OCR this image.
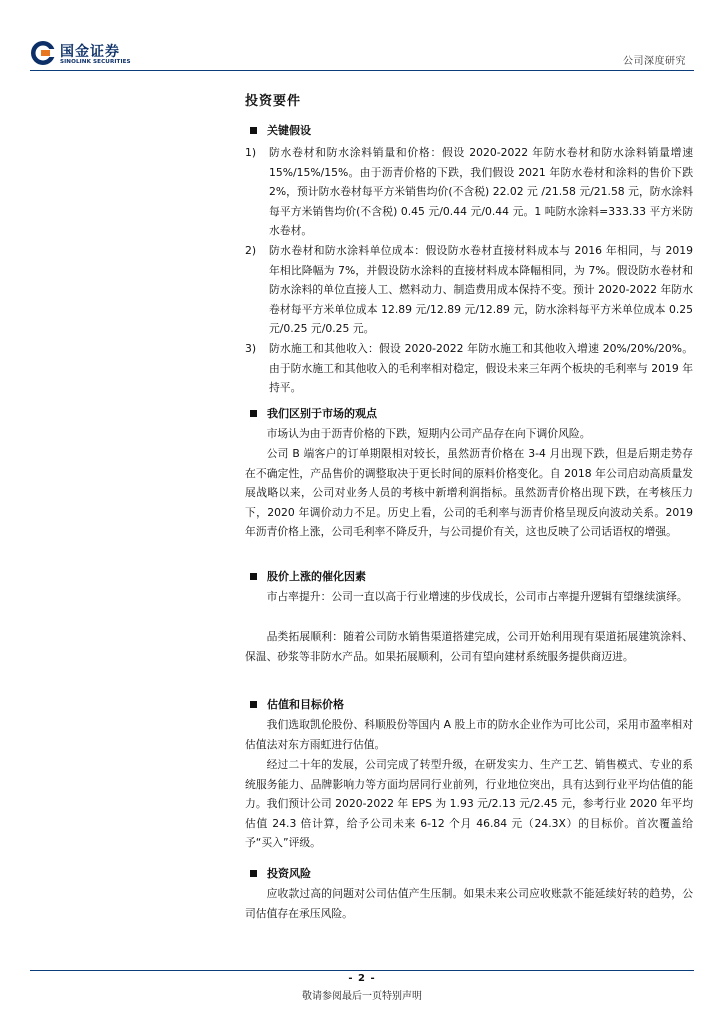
国金证券
SINOLINK SECURITIES	公司深度研究
投资要件
关键假设
1)	防水卷材和防水涂料销量和价格：假设 2020-2022 年防水卷材和防水涂料销量增速 15%/15%/15%。由于沥青价格的下跌，我们假设 2021 年防水卷材和涂料的售价下跌 2%，预计防水卷材每平方米销售均价(不含税) 22.02 元 /21.58 元/21.58 元，防水涂料每平方米销售均价(不含税) 0.45 元/0.44 元/0.44 元。1 吨防水涂料=333.33 平方米防水卷材。
2)	防水卷材和防水涂料单位成本：假设防水卷材直接材料成本与 2016 年相同，与 2019 年相比降幅为 7%，并假设防水涂料的直接材料成本降幅相同，为 7%。假设防水卷材和防水涂料的单位直接人工、燃料动力、制造费用成本保持不变。预计 2020-2022 年防水卷材每平方米单位成本 12.89 元/12.89 元/12.89 元，防水涂料每平方米单位成本 0.25 元/0.25 元/0.25 元。
3)	防水施工和其他收入：假设 2020-2022 年防水施工和其他收入增速 20%/20%/20%。由于防水施工和其他收入的毛利率相对稳定，假设未来三年两个板块的毛利率与 2019 年持平。
我们区别于市场的观点

市场认为由于沥青价格的下跌，短期内公司产品存在向下调价风险。

公司 B 端客户的订单期限相对较长，虽然沥青价格在 3-4 月出现下跌，但是后期走势存在不确定性，产品售价的调整取决于更长时间的原料价格变化。自 2018 年公司启动高质量发展战略以来，公司对业务人员的考核中新增利润指标。虽然沥青价格出现下跌，在考核压力下，2020 年调价动力不足。历史上看，公司的毛利率与沥青价格呈现反向波动关系。2019 年沥青价格上涨，公司毛利率不降反升，与公司提价有关，这也反映了公司话语权的增强。

股价上涨的催化因素

市占率提升：公司一直以高于行业增速的步伐成长，公司市占率提升逻辑有望继续演绎。

品类拓展顺利：随着公司防水销售渠道搭建完成，公司开始利用现有渠道拓展建筑涂料、保温、砂浆等非防水产品。如果拓展顺利，公司有望向建材系统服务提供商迈进。

估值和目标价格

我们选取凯伦股份、科顺股份等国内 A 股上市的防水企业作为可比公司，采用市盈率相对估值法对东方雨虹进行估值。

经过二十年的发展，公司完成了转型升级，在研发实力、生产工艺、销售模式、专业的系统服务能力、品牌影响力等方面均居同行业前列，行业地位突出，具有达到行业平均估值的能力。我们预计公司 2020-2022 年 EPS 为 1.93 元/2.13 元/2.45 元，参考行业 2020 年平均估值 24.3 倍计算，给予公司未来 6-12 个月 46.84 元（24.3X）的目标价。首次覆盖给予“买入”评级。

投资风险

应收款过高的问题对公司估值产生压制。如果未来公司应收账款不能延续好转的趋势，公司估值存在承压风险。

- 2 -
敬请参阅最后一页特别声明
